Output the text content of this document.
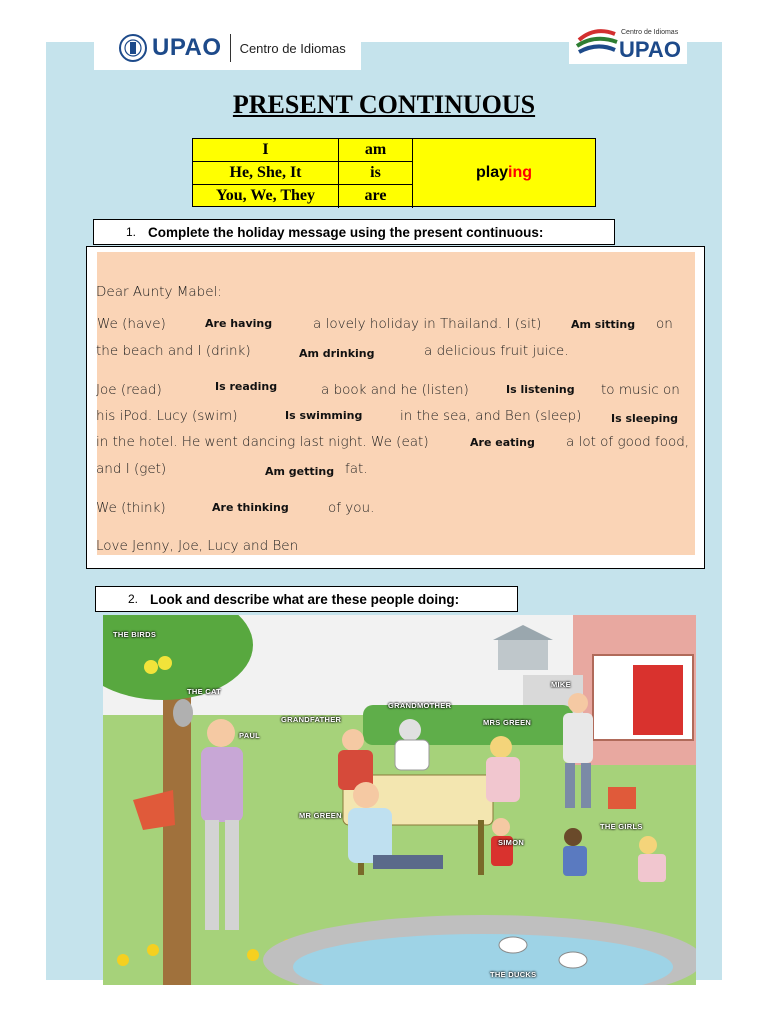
UPAO Centro de Idiomas
Centro de Idiomas
UPAO
PRESENT CONTINUOUS
I	am
He, She, It	is
You, We, They	are
play ing
1. Complete the holiday message using the present continuous:
Dear Aunty Mabel:
We (have)	Are having	a lovely holiday in Thailand. I (sit)	Am sitting on
the beach and I (drink)	Am drinking	a delicious fruit juice.
Joe (read)	Is reading	a book and he (listen)	Is listening to music on
his iPod. Lucy (swim)	Is swimming	in the sea, and Ben (sleep)	Is sleeping
in the hotel. He went dancing last night. We (eat)	Are eating a lot of good food,
and I (get)	Am getting fat.
We (think)	Are thinking	of you.
Love Jenny, Joe, Lucy and Ben
2. Look and describe what are these people doing:
THE BIRDS
THE CAT
GRANDFATHER
GRANDMOTHER
MIKE
MRS GREEN
PAUL
MR GREEN
SIMON
THE GIRLS
THE DUCKS
